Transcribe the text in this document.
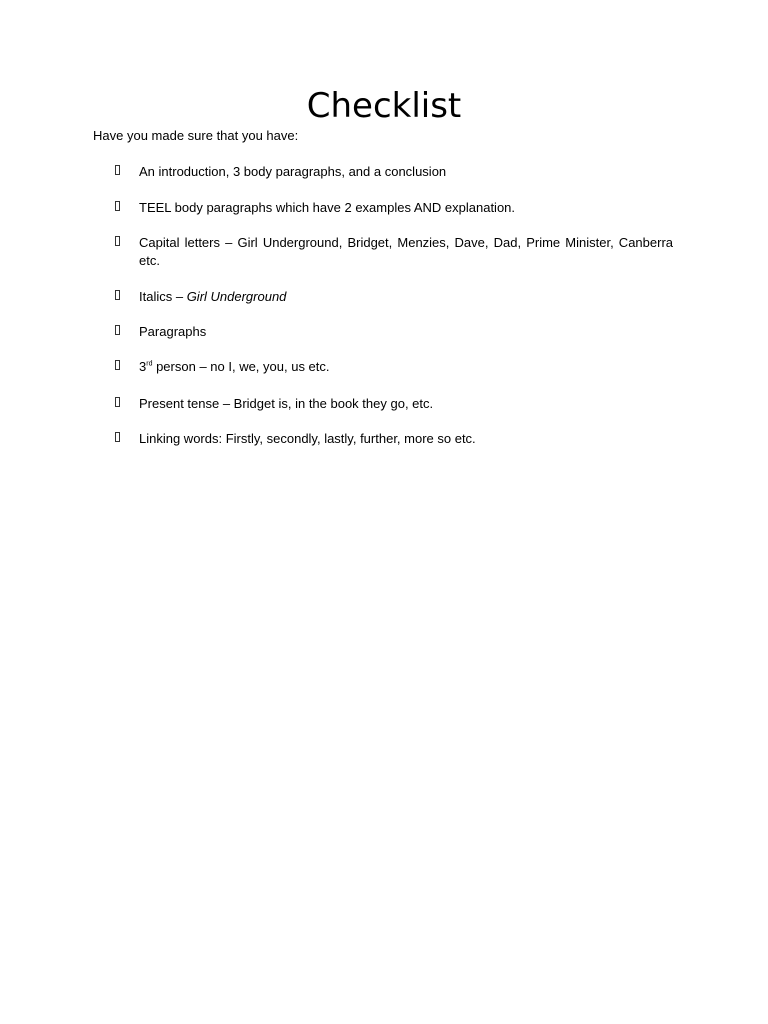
Checklist

Have you made sure that you have:

An introduction, 3 body paragraphs, and a conclusion
TEEL body paragraphs which have 2 examples AND explanation.
Capital letters – Girl Underground, Bridget, Menzies, Dave, Dad, Prime Minister, Canberra etc.
Italics – Girl Underground
Paragraphs
3rd person – no I, we, you, us etc.
Present tense – Bridget is, in the book they go, etc.
Linking words: Firstly, secondly, lastly, further, more so etc.
